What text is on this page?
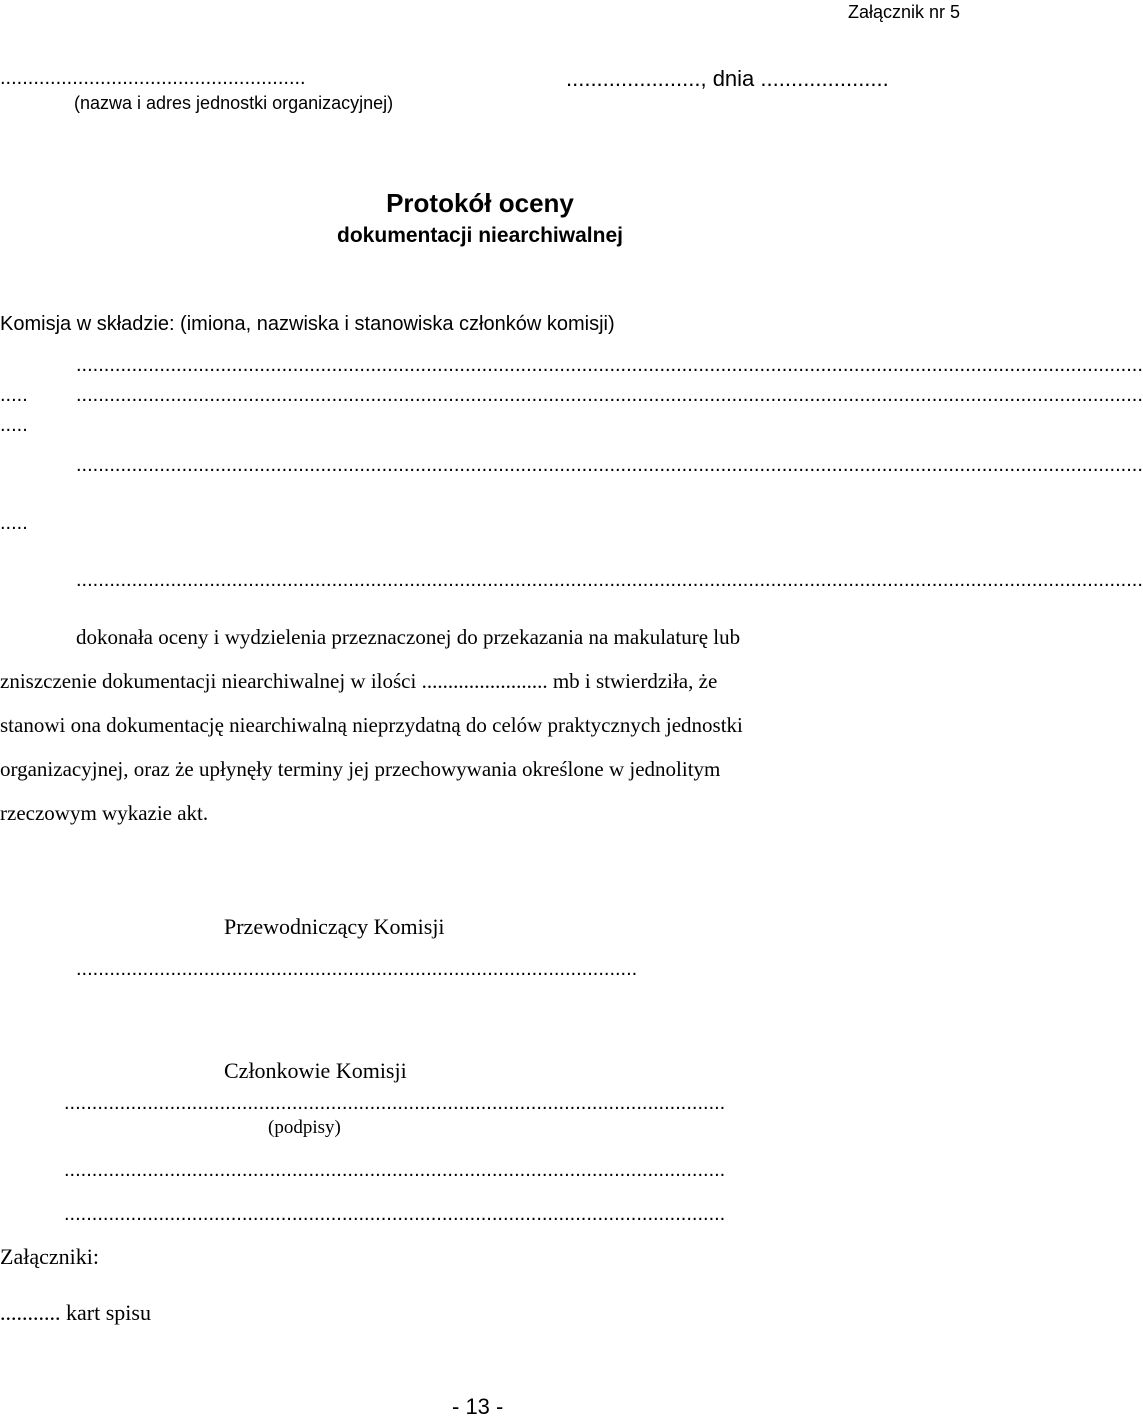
Załącznik nr 5
.......................................................	......................, dnia .....................
(nazwa i adres jednostki organizacyjnej)
Protokół oceny
dokumentacji niearchiwalnej
Komisja w składzie: (imiona, nazwiska i stanowiska członków komisji)
................................................................................................................................................................................................
..... ................................................................................................................................................................................................
.....
................................................................................................................................................................................................
.....
................................................................................................................................................................................................
dokonała oceny i wydzielenia przeznaczonej do przekazania na makulaturę lub
zniszczenie dokumentacji niearchiwalnej w ilości ........................ mb i stwierdziła, że
stanowi ona dokumentację niearchiwalną nieprzydatną do celów praktycznych jednostki
organizacyjnej, oraz że upłynęły terminy jej przechowywania określone w jednolitym
rzeczowym wykazie akt.
Przewodniczący Komisji
.....................................................................................................
Członkowie Komisji
.......................................................................................................................
(podpisy)
.......................................................................................................................
.......................................................................................................................
Załączniki:
........... kart spisu
- 13 -
